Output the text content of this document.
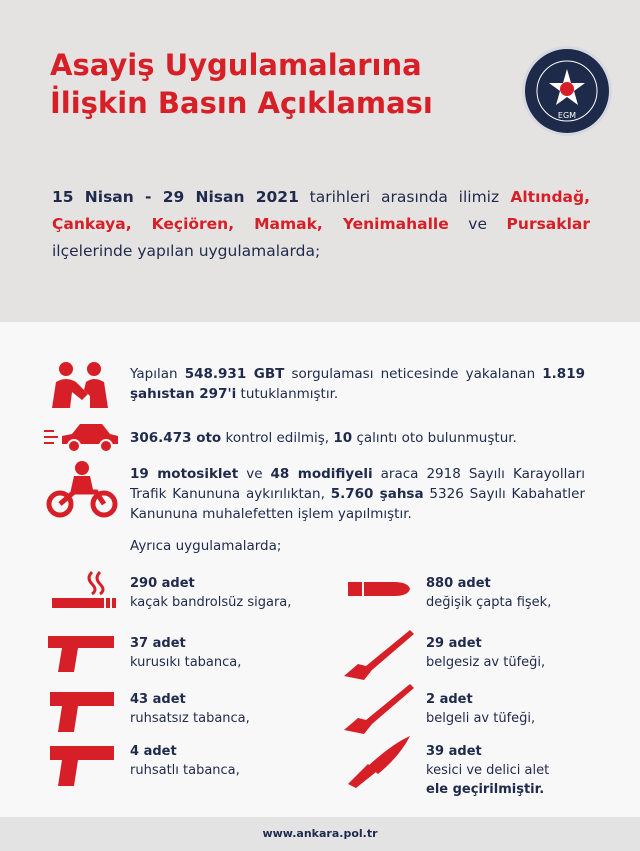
Asayiş Uygulamalarına
İlişkin Basın Açıklaması	EGM
15 Nisan - 29 Nisan 2021 tarihleri arasında ilimiz Altındağ, Çankaya, Keçiören, Mamak, Yenimahalle ve Pursaklar ilçelerinde yapılan uygulamalarda;
Yapılan 548.931 GBT sorgulaması neticesinde yakalanan 1.819 şahıstan 297'i tutuklanmıştır.
306.473 oto kontrol edilmiş, 10 çalıntı oto bulunmuştur.
19 motosiklet ve 48 modifiyeli araca 2918 Sayılı Karayolları Trafik Kanununa aykırılıktan, 5.760 şahsa 5326 Sayılı Kabahatler Kanununa muhalefetten işlem yapılmıştır.
Ayrıca uygulamalarda;
290 adet
kaçak bandrolsüz sigara,
880 adet
değişik çapta fişek,
37 adet
kurusıkı tabanca,
29 adet
belgesiz av tüfeği,
43 adet
ruhsatsız tabanca,
2 adet
belgeli av tüfeği,
4 adet
ruhsatlı tabanca,
39 adet
kesici ve delici alet
ele geçirilmiştir.
www.ankara.pol.tr
